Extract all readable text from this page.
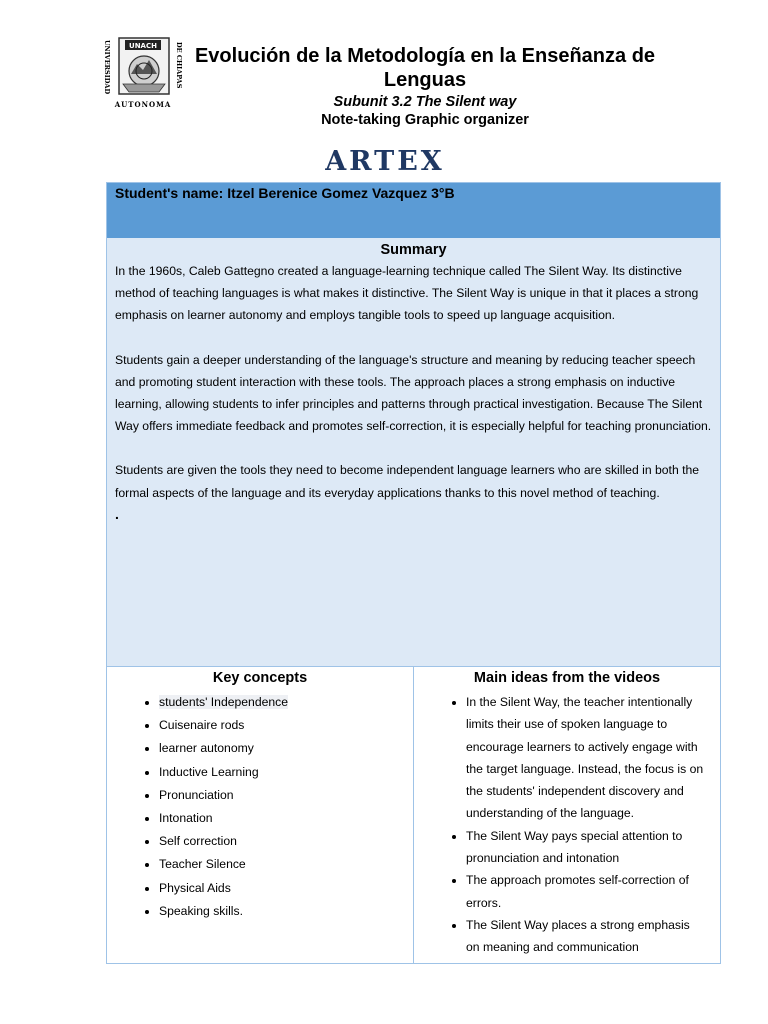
UNIVERSIDAD	DE CHIAPAS
UNACH
AUTONOMA
Evolución de la Metodología en la Enseñanza de Lenguas
Subunit 3.2 The Silent way
Note-taking Graphic organizer
ARTEX
Student's name: Itzel Berenice Gomez Vazquez 3°B
Summary

In the 1960s, Caleb Gattegno created a language-learning technique called The Silent Way. Its distinctive method of teaching languages is what makes it distinctive. The Silent Way is unique in that it places a strong emphasis on learner autonomy and employs tangible tools to speed up language acquisition.

Students gain a deeper understanding of the language's structure and meaning by reducing teacher speech and promoting student interaction with these tools. The approach places a strong emphasis on inductive learning, allowing students to infer principles and patterns through practical investigation. Because The Silent Way offers immediate feedback and promotes self-correction, it is especially helpful for teaching pronunciation.

Students are given the tools they need to become independent language learners who are skilled in both the formal aspects of the language and its everyday applications thanks to this novel method of teaching.

.

Key concepts
• students' Independence
• Cuisenaire rods
• learner autonomy
• Inductive Learning
• Pronunciation
• Intonation
• Self correction
• Teacher Silence
• Physical Aids
• Speaking skills.
Main ideas from the videos
• In the Silent Way, the teacher intentionally limits their use of spoken language to encourage learners to actively engage with the target language. Instead, the focus is on the students' independent discovery and understanding of the language.
• The Silent Way pays special attention to pronunciation and intonation
• The approach promotes self-correction of errors.
• The Silent Way places a strong emphasis on meaning and communication
